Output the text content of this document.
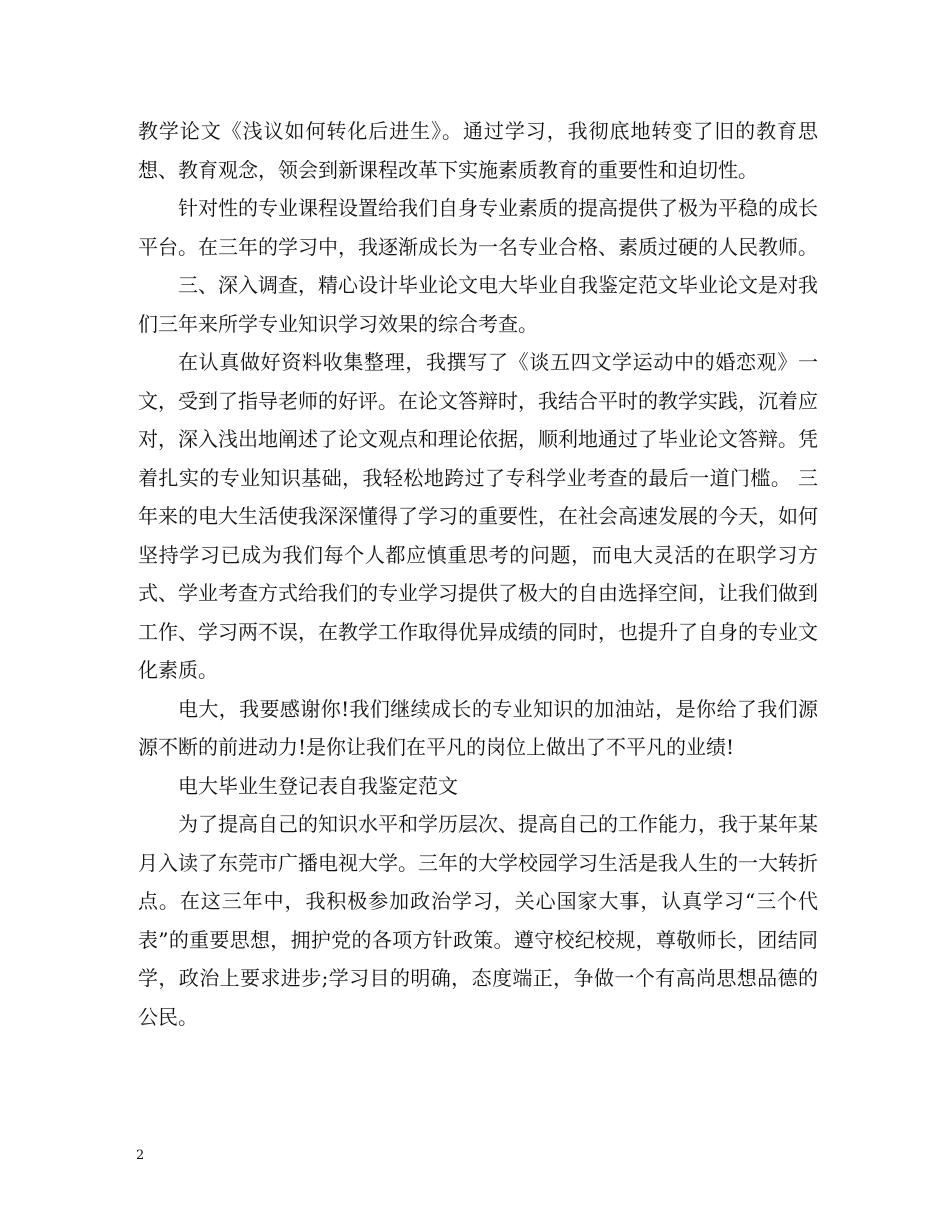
教学论文《浅议如何转化后进生》。通过学习，我彻底地转变了旧的教育思想、教育观念，领会到新课程改革下实施素质教育的重要性和迫切性。

针对性的专业课程设置给我们自身专业素质的提高提供了极为平稳的成长平台。在三年的学习中，我逐渐成长为一名专业合格、素质过硬的人民教师。

三、深入调查，精心设计毕业论文电大毕业自我鉴定范文毕业论文是对我们三年来所学专业知识学习效果的综合考查。

在认真做好资料收集整理，我撰写了《谈五四文学运动中的婚恋观》一文，受到了指导老师的好评。在论文答辩时，我结合平时的教学实践，沉着应对，深入浅出地阐述了论文观点和理论依据，顺利地通过了毕业论文答辩。凭着扎实的专业知识基础，我轻松地跨过了专科学业考查的最后一道门槛。 三年来的电大生活使我深深懂得了学习的重要性，在社会高速发展的今天，如何坚持学习已成为我们每个人都应慎重思考的问题，而电大灵活的在职学习方式、学业考查方式给我们的专业学习提供了极大的自由选择空间，让我们做到工作、学习两不误，在教学工作取得优异成绩的同时，也提升了自身的专业文化素质。

电大，我要感谢你!我们继续成长的专业知识的加油站，是你给了我们源源不断的前进动力!是你让我们在平凡的岗位上做出了不平凡的业绩!

电大毕业生登记表自我鉴定范文

为了提高自己的知识水平和学历层次、提高自己的工作能力，我于某年某月入读了东莞市广播电视大学。三年的大学校园学习生活是我人生的一大转折点。在这三年中，我积极参加政治学习，关心国家大事，认真学习“三个代表”的重要思想，拥护党的各项方针政策。遵守校纪校规，尊敬师长，团结同学，政治上要求进步;学习目的明确，态度端正，争做一个有高尚思想品德的公民。

2
